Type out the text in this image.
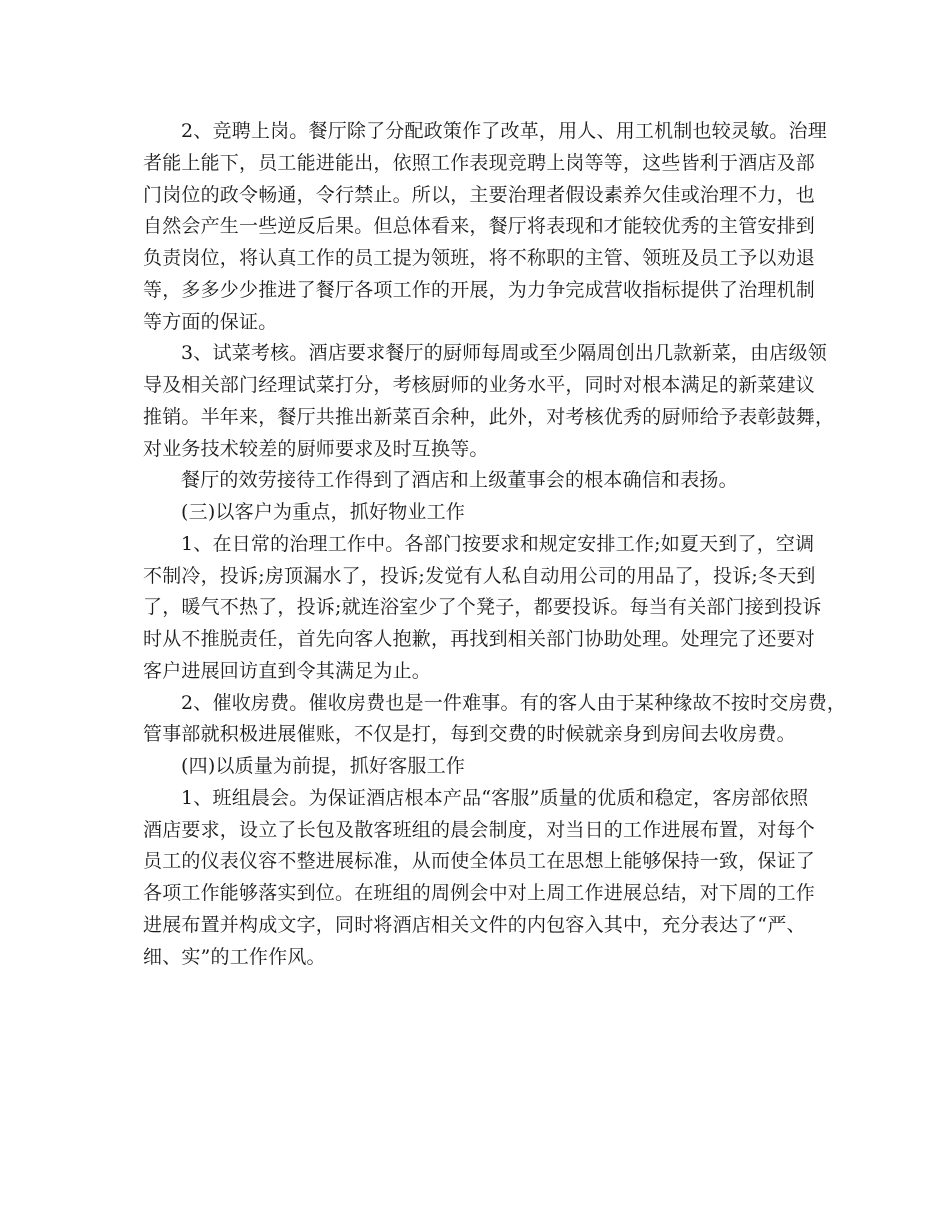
2、竞聘上岗。餐厅除了分配政策作了改革，用人、用工机制也较灵敏。治理
者能上能下，员工能进能出，依照工作表现竞聘上岗等等，这些皆利于酒店及部
门岗位的政令畅通，令行禁止。所以，主要治理者假设素养欠佳或治理不力，也
自然会产生一些逆反后果。但总体看来，餐厅将表现和才能较优秀的主管安排到
负责岗位，将认真工作的员工提为领班，将不称职的主管、领班及员工予以劝退
等，多多少少推进了餐厅各项工作的开展，为力争完成营收指标提供了治理机制
等方面的保证。
3、试菜考核。酒店要求餐厅的厨师每周或至少隔周创出几款新菜，由店级领
导及相关部门经理试菜打分，考核厨师的业务水平，同时对根本满足的新菜建议
推销。半年来，餐厅共推出新菜百余种，此外，对考核优秀的厨师给予表彰鼓舞，
对业务技术较差的厨师要求及时互换等。
餐厅的效劳接待工作得到了酒店和上级董事会的根本确信和表扬。
(三)以客户为重点，抓好物业工作
1、在日常的治理工作中。各部门按要求和规定安排工作;如夏天到了，空调
不制冷，投诉;房顶漏水了，投诉;发觉有人私自动用公司的用品了，投诉;冬天到
了，暖气不热了，投诉;就连浴室少了个凳子，都要投诉。每当有关部门接到投诉
时从不推脱责任，首先向客人抱歉，再找到相关部门协助处理。处理完了还要对
客户进展回访直到令其满足为止。
2、催收房费。催收房费也是一件难事。有的客人由于某种缘故不按时交房费，
管事部就积极进展催账，不仅是打，每到交费的时候就亲身到房间去收房费。
(四)以质量为前提，抓好客服工作
1、班组晨会。为保证酒店根本产品“客服”质量的优质和稳定，客房部依照
酒店要求，设立了长包及散客班组的晨会制度，对当日的工作进展布置，对每个
员工的仪表仪容不整进展标准，从而使全体员工在思想上能够保持一致，保证了
各项工作能够落实到位。在班组的周例会中对上周工作进展总结，对下周的工作
进展布置并构成文字，同时将酒店相关文件的内包容入其中，充分表达了“严、
细、实”的工作作风。
